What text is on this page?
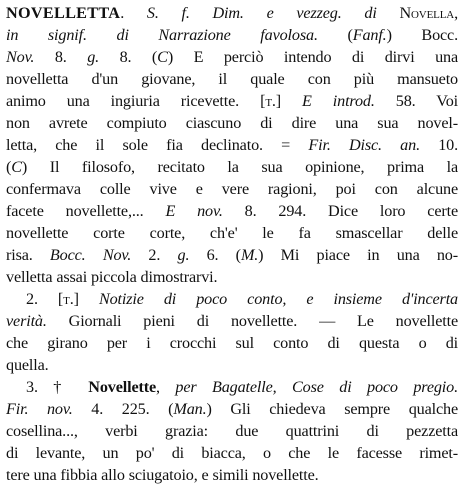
NOVELLETTA. S. f. Dim. e vezzeg. di Novella,
in signif. di Narrazione favolosa. (Fanf.) Bocc.
Nov. 8. g. 8. (C) E perciò intendo di dirvi una
novelletta d'un giovane, il quale con più mansueto
animo una ingiuria ricevette. [t.] E introd. 58. Voi
non avrete compiuto ciascuno di dire una sua novel-
letta, che il sole fia declinato. = Fir. Disc. an. 10.
(C) Il filosofo, recitato la sua opinione, prima la
confermava colle vive e vere ragioni, poi con alcune
facete novellette,... E nov. 8. 294. Dice loro certe
novellette corte corte, ch'e' le fa smascellar delle
risa. Bocc. Nov. 2. g. 6. (M.) Mi piace in una no-
velletta assai piccola dimostrarvi.
2. [t.] Notizie di poco conto, e insieme d'incerta
verità. Giornali pieni di novellette. — Le novellette
che girano per i crocchi sul conto di questa o di
quella.
3. † Novellette, per Bagatelle, Cose di poco pregio.
Fir. nov. 4. 225. (Man.) Gli chiedeva sempre qualche
cosellina..., verbi grazia: due quattrini di pezzetta
di levante, un po' di biacca, o che le facesse rimet-
tere una fibbia allo sciugatoio, e simili novellette.
